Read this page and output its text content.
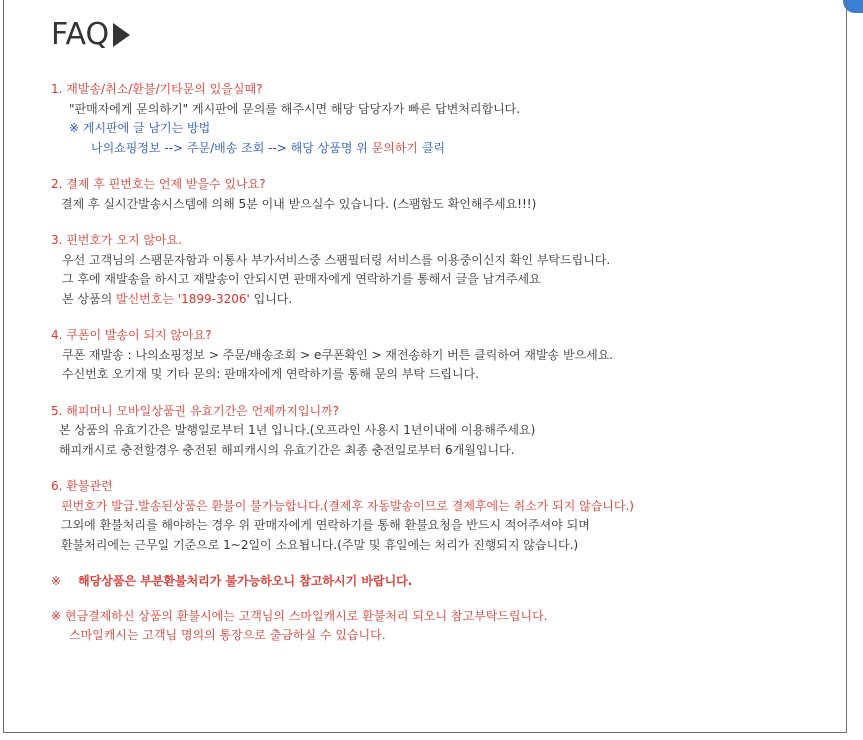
FAQ
1. 재발송/취소/환불/기타문의 있을실때?
"판매자에게 문의하기" 게시판에 문의를 해주시면 해당 담당자가 빠른 답변처리합니다.
※ 게시판에 글 남기는 방법
나의쇼핑정보 --> 주문/배송 조회 --> 해당 상품명 위 문의하기 클릭
2. 결제 후 핀번호는 언제 받을수 있나요?
결제 후 실시간발송시스템에 의해 5분 이내 받으실수 있습니다. (스팸함도 확인해주세요!!!)
3. 핀번호가 오지 않아요.
우선 고객님의 스팸문자함과 이통사 부가서비스중 스팸필터링 서비스를 이용중이신지 확인 부탁드립니다.
그 후에 재발송을 하시고 재발송이 안되시면 판매자에게 연락하기를 통해서 글을 남겨주세요
본 상품의 발신번호는 '1899-3206' 입니다.
4. 쿠폰이 발송이 되지 않아요?
쿠폰 재발송 : 나의쇼핑정보 > 주문/배송조회 > e쿠폰확인 > 재전송하기 버튼 클릭하여 재발송 받으세요.
수신번호 오기재 및 기타 문의: 판매자에게 연락하기를 통해 문의 부탁 드립니다.
5. 해피머니 모바일상품권 유효기간은 언제까지입니까?
본 상품의 유효기간은 발행일로부터 1년 입니다.(오프라인 사용시 1년이내에 이용해주세요)
해피캐시로 충전할경우 충전된 해피캐시의 유효기간은 최종 충전일로부터 6개월입니다.
6. 환불관련
핀번호가 발급.발송된상품은 환불이 불가능합니다.(결제후 자동발송이므로 결제후에는 취소가 되지 않습니다.)
그외에 환불처리를 해야하는 경우 위 판매자에게 연락하기를 통해 환불요청을 반드시 적어주셔야 되며
환불처리에는 근무일 기준으로 1~2일이 소요됩니다.(주말 및 휴일에는 처리가 진행되지 않습니다.)
※ 해당상품은 부분환불처리가 불가능하오니 참고하시기 바랍니다.
※ 현금결제하신 상품의 환불시에는 고객님의 스마일캐시로 환불처리 되오니 참고부탁드립니다.
스마일캐시는 고객님 명의의 통장으로 출금하실 수 있습니다.
